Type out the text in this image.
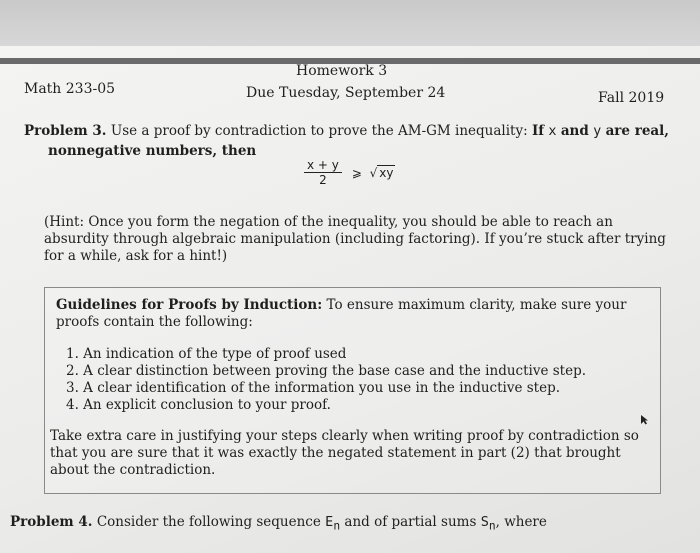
Homework 3
Due Tuesday, September 24
Math 233-05
Fall 2019
Problem 3. Use a proof by contradiction to prove the AM-GM inequality: If x and y are real,
nonnegative numbers, then
$\frac{x + y}{2}$ ⩾ √ xy
(Hint: Once you form the negation of the inequality, you should be able to reach an absurdity through algebraic manipulation (including factoring). If you’re stuck after trying for a while, ask for a hint!)
Guidelines for Proofs by Induction: To ensure maximum clarity, make sure your proofs contain the following:
1. An indication of the type of proof used
2. A clear distinction between proving the base case and the inductive step.
3. A clear identification of the information you use in the inductive step.
4. An explicit conclusion to your proof.
Take extra care in justifying your steps clearly when writing proof by contradiction so that you are sure that it was exactly the negated statement in part (2) that brought about the contradiction.
Problem 4. Consider the following sequence $E_n$ and of partial sums $S_n$, where
